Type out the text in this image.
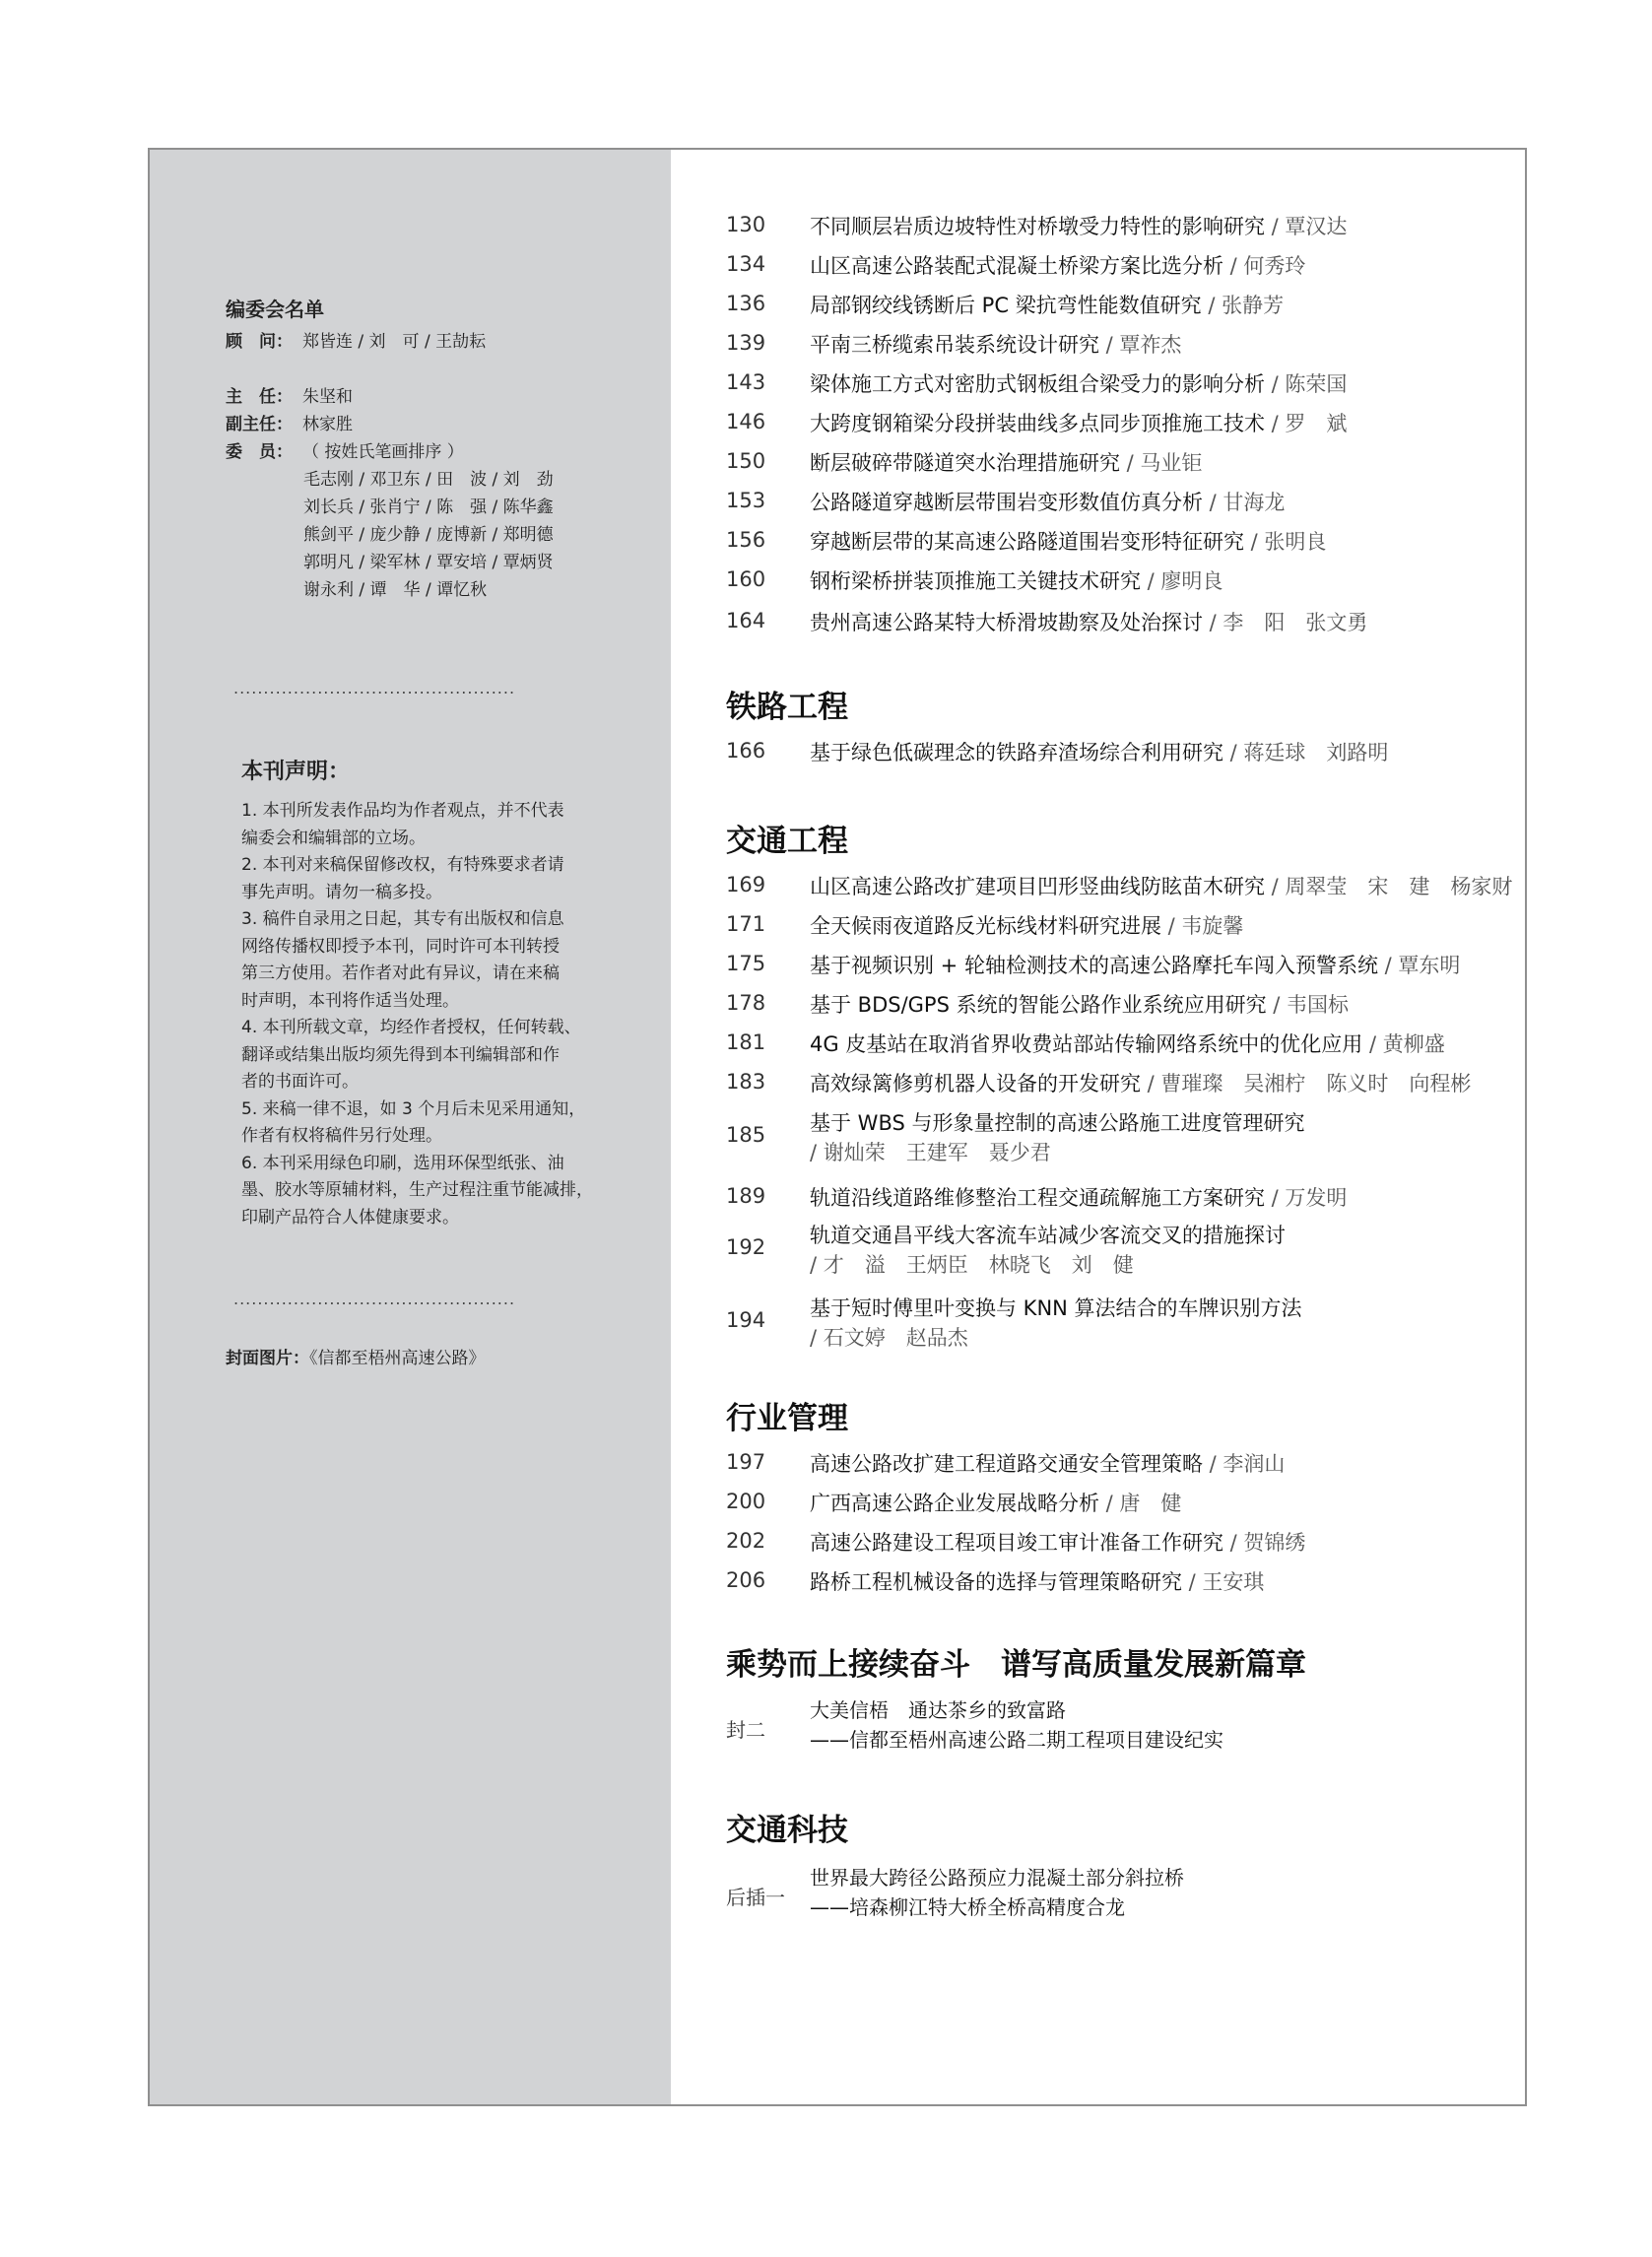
编委会名单
顾　问： 郑皆连 / 刘　可 / 王劼耘
主　任： 朱坚和
副主任： 林家胜
委　员： （ 按姓氏笔画排序 ）
毛志刚 / 邓卫东 / 田　波 / 刘　劲
刘长兵 / 张肖宁 / 陈　强 / 陈华鑫
熊剑平 / 庞少静 / 庞博新 / 郑明德
郭明凡 / 梁军林 / 覃安培 / 覃炳贤
谢永利 / 谭　华 / 谭忆秋
...............................................
本刊声明：

1. 本刊所发表作品均为作者观点，并不代表

编委会和编辑部的立场。

2. 本刊对来稿保留修改权，有特殊要求者请

事先声明。请勿一稿多投。

3. 稿件自录用之日起，其专有出版权和信息

网络传播权即授予本刊，同时许可本刊转授

第三方使用。若作者对此有异议，请在来稿

时声明，本刊将作适当处理。

4. 本刊所载文章，均经作者授权，任何转载、

翻译或结集出版均须先得到本刊编辑部和作

者的书面许可。

5. 来稿一律不退，如 3 个月后未见采用通知，

作者有权将稿件另行处理。

6. 本刊采用绿色印刷，选用环保型纸张、油

墨、胶水等原辅材料，生产过程注重节能减排，

印刷产品符合人体健康要求。

...............................................
封面图片：《信都至梧州高速公路》
130 不同顺层岩质边坡特性对桥墩受力特性的影响研究 / 覃汉达
134 山区高速公路装配式混凝土桥梁方案比选分析 / 何秀玲
136 局部钢绞线锈断后 PC 梁抗弯性能数值研究 / 张静芳
139 平南三桥缆索吊装系统设计研究 / 覃祚杰
143 梁体施工方式对密肋式钢板组合梁受力的影响分析 / 陈荣国
146 大跨度钢箱梁分段拼装曲线多点同步顶推施工技术 / 罗　斌
150 断层破碎带隧道突水治理措施研究 / 马业钜
153 公路隧道穿越断层带围岩变形数值仿真分析 / 甘海龙
156 穿越断层带的某高速公路隧道围岩变形特征研究 / 张明良
160 钢桁梁桥拼装顶推施工关键技术研究 / 廖明良
164 贵州高速公路某特大桥滑坡勘察及处治探讨 / 李　阳　张文勇
铁路工程
166 基于绿色低碳理念的铁路弃渣场综合利用研究 / 蒋廷球　刘路明
交通工程
169 山区高速公路改扩建项目凹形竖曲线防眩苗木研究 / 周翠莹　宋　建　杨家财
171 全天候雨夜道路反光标线材料研究进展 / 韦旋馨
175 基于视频识别 + 轮轴检测技术的高速公路摩托车闯入预警系统 / 覃东明
178 基于 BDS/GPS 系统的智能公路作业系统应用研究 / 韦国标
181 4G 皮基站在取消省界收费站部站传输网络系统中的优化应用 / 黄柳盛
183 高效绿篱修剪机器人设备的开发研究 / 曹璀璨　吴湘柠　陈义时　向程彬
185 基于 WBS 与形象量控制的高速公路施工进度管理研究
/ 谢灿荣　王建军　聂少君
189 轨道沿线道路维修整治工程交通疏解施工方案研究 / 万发明
192 轨道交通昌平线大客流车站减少客流交叉的措施探讨
/ 才　溢　王炳臣　林晓飞　刘　健
194 基于短时傅里叶变换与 KNN 算法结合的车牌识别方法
/ 石文婷　赵品杰
行业管理
197 高速公路改扩建工程道路交通安全管理策略 / 李润山
200 广西高速公路企业发展战略分析 / 唐　健
202 高速公路建设工程项目竣工审计准备工作研究 / 贺锦绣
206 路桥工程机械设备的选择与管理策略研究 / 王安琪
乘势而上接续奋斗　谱写高质量发展新篇章
封二
大美信梧　通达茶乡的致富路
——信都至梧州高速公路二期工程项目建设纪实
交通科技
后插一
世界最大跨径公路预应力混凝土部分斜拉桥
——培森柳江特大桥全桥高精度合龙
